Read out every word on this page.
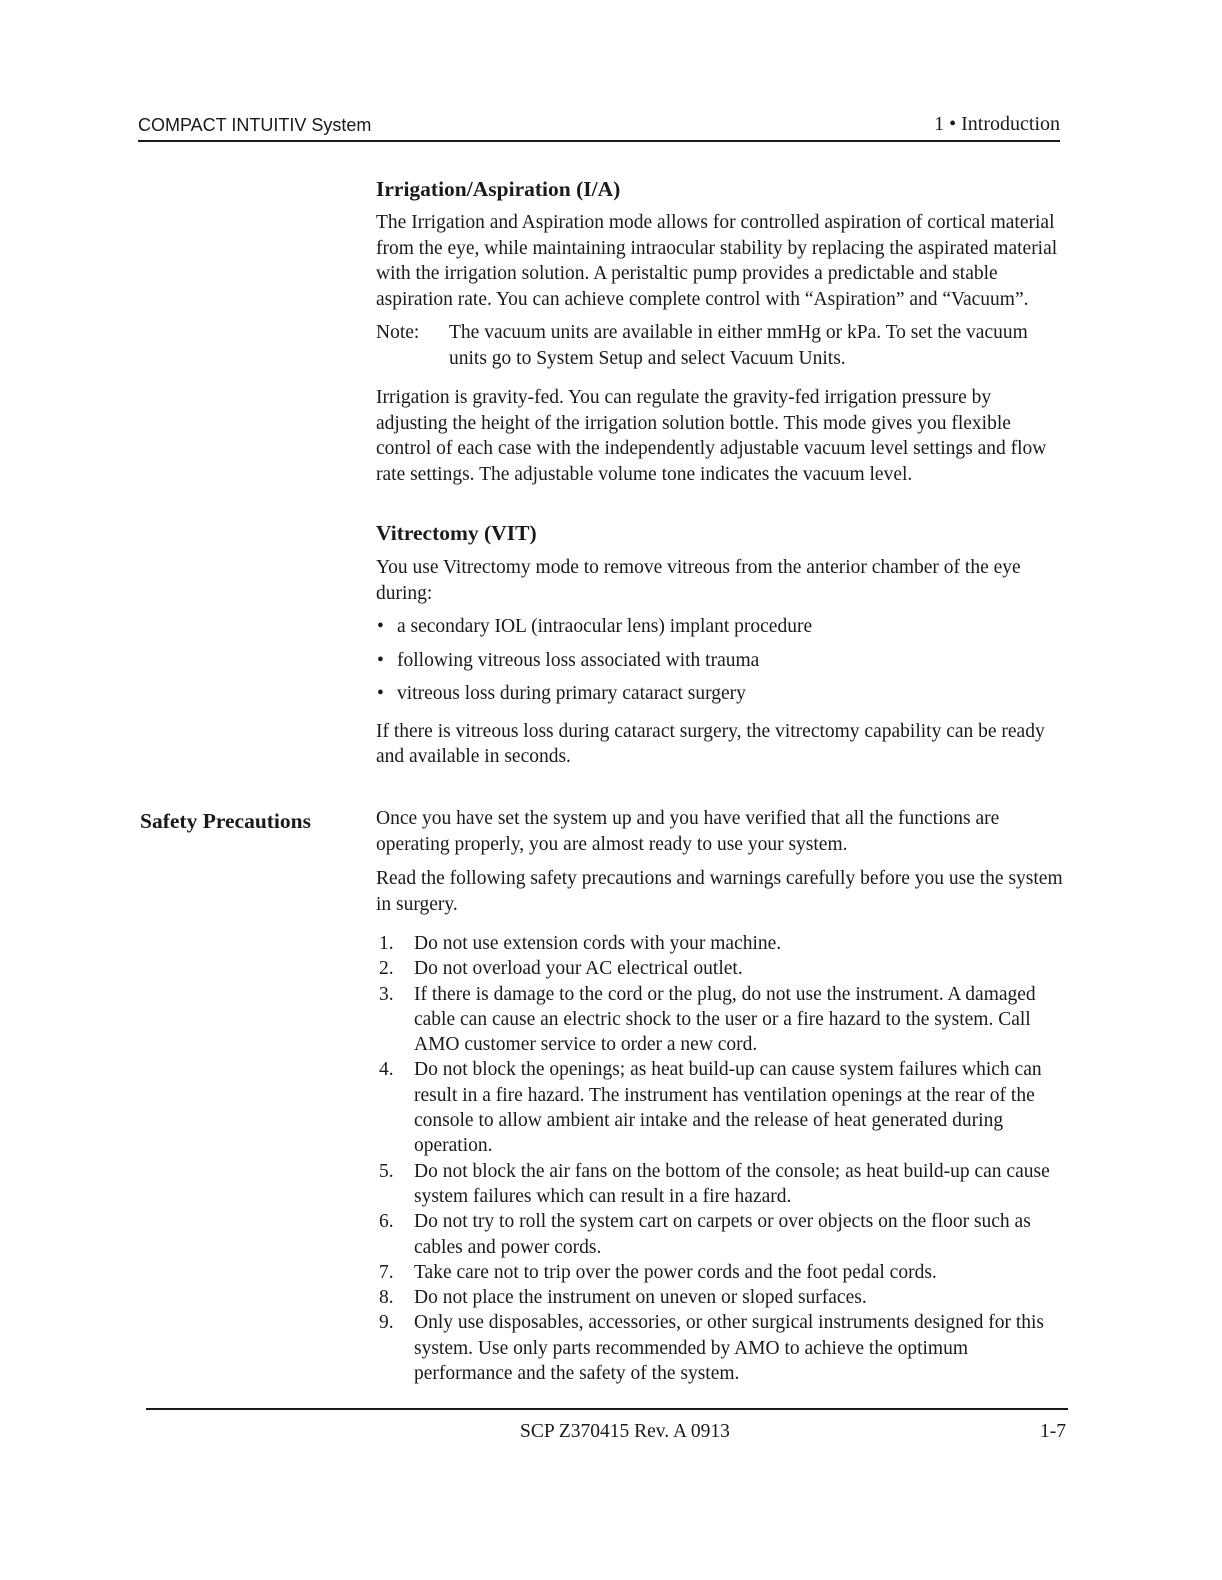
COMPACT INTUITIV System	1 • Introduction
Irrigation/Aspiration (I/A)

The Irrigation and Aspiration mode allows for controlled aspiration of cortical material from the eye, while maintaining intraocular stability by replacing the aspirated material with the irrigation solution. A peristaltic pump provides a predictable and stable aspiration rate. You can achieve complete control with “Aspiration” and “Vacuum”.

Note:	The vacuum units are available in either mmHg or kPa. To set the vacuum units go to System Setup and select Vacuum Units.

Irrigation is gravity-fed. You can regulate the gravity-fed irrigation pressure by adjusting the height of the irrigation solution bottle. This mode gives you flexible control of each case with the independently adjustable vacuum level settings and flow rate settings. The adjustable volume tone indicates the vacuum level.

Vitrectomy (VIT)

You use Vitrectomy mode to remove vitreous from the anterior chamber of the eye during:

• a secondary IOL (intraocular lens) implant procedure
• following vitreous loss associated with trauma
• vitreous loss during primary cataract surgery

If there is vitreous loss during cataract surgery, the vitrectomy capability can be ready and available in seconds.

Safety Precautions	Once you have set the system up and you have verified that all the functions are operating properly, you are almost ready to use your system.

Read the following safety precautions and warnings carefully before you use the system in surgery.

1.	Do not use extension cords with your machine.
2.	Do not overload your AC electrical outlet.
3.	If there is damage to the cord or the plug, do not use the instrument. A damaged cable can cause an electric shock to the user or a fire hazard to the system. Call AMO customer service to order a new cord.
4.	Do not block the openings; as heat build-up can cause system failures which can result in a fire hazard. The instrument has ventilation openings at the rear of the console to allow ambient air intake and the release of heat generated during operation.
5.	Do not block the air fans on the bottom of the console; as heat build-up can cause system failures which can result in a fire hazard.
6.	Do not try to roll the system cart on carpets or over objects on the floor such as cables and power cords.
7.	Take care not to trip over the power cords and the foot pedal cords.
8.	Do not place the instrument on uneven or sloped surfaces.
9.	Only use disposables, accessories, or other surgical instruments designed for this system. Use only parts recommended by AMO to achieve the optimum performance and the safety of the system.
SCP Z370415 Rev. A 0913	1-7
